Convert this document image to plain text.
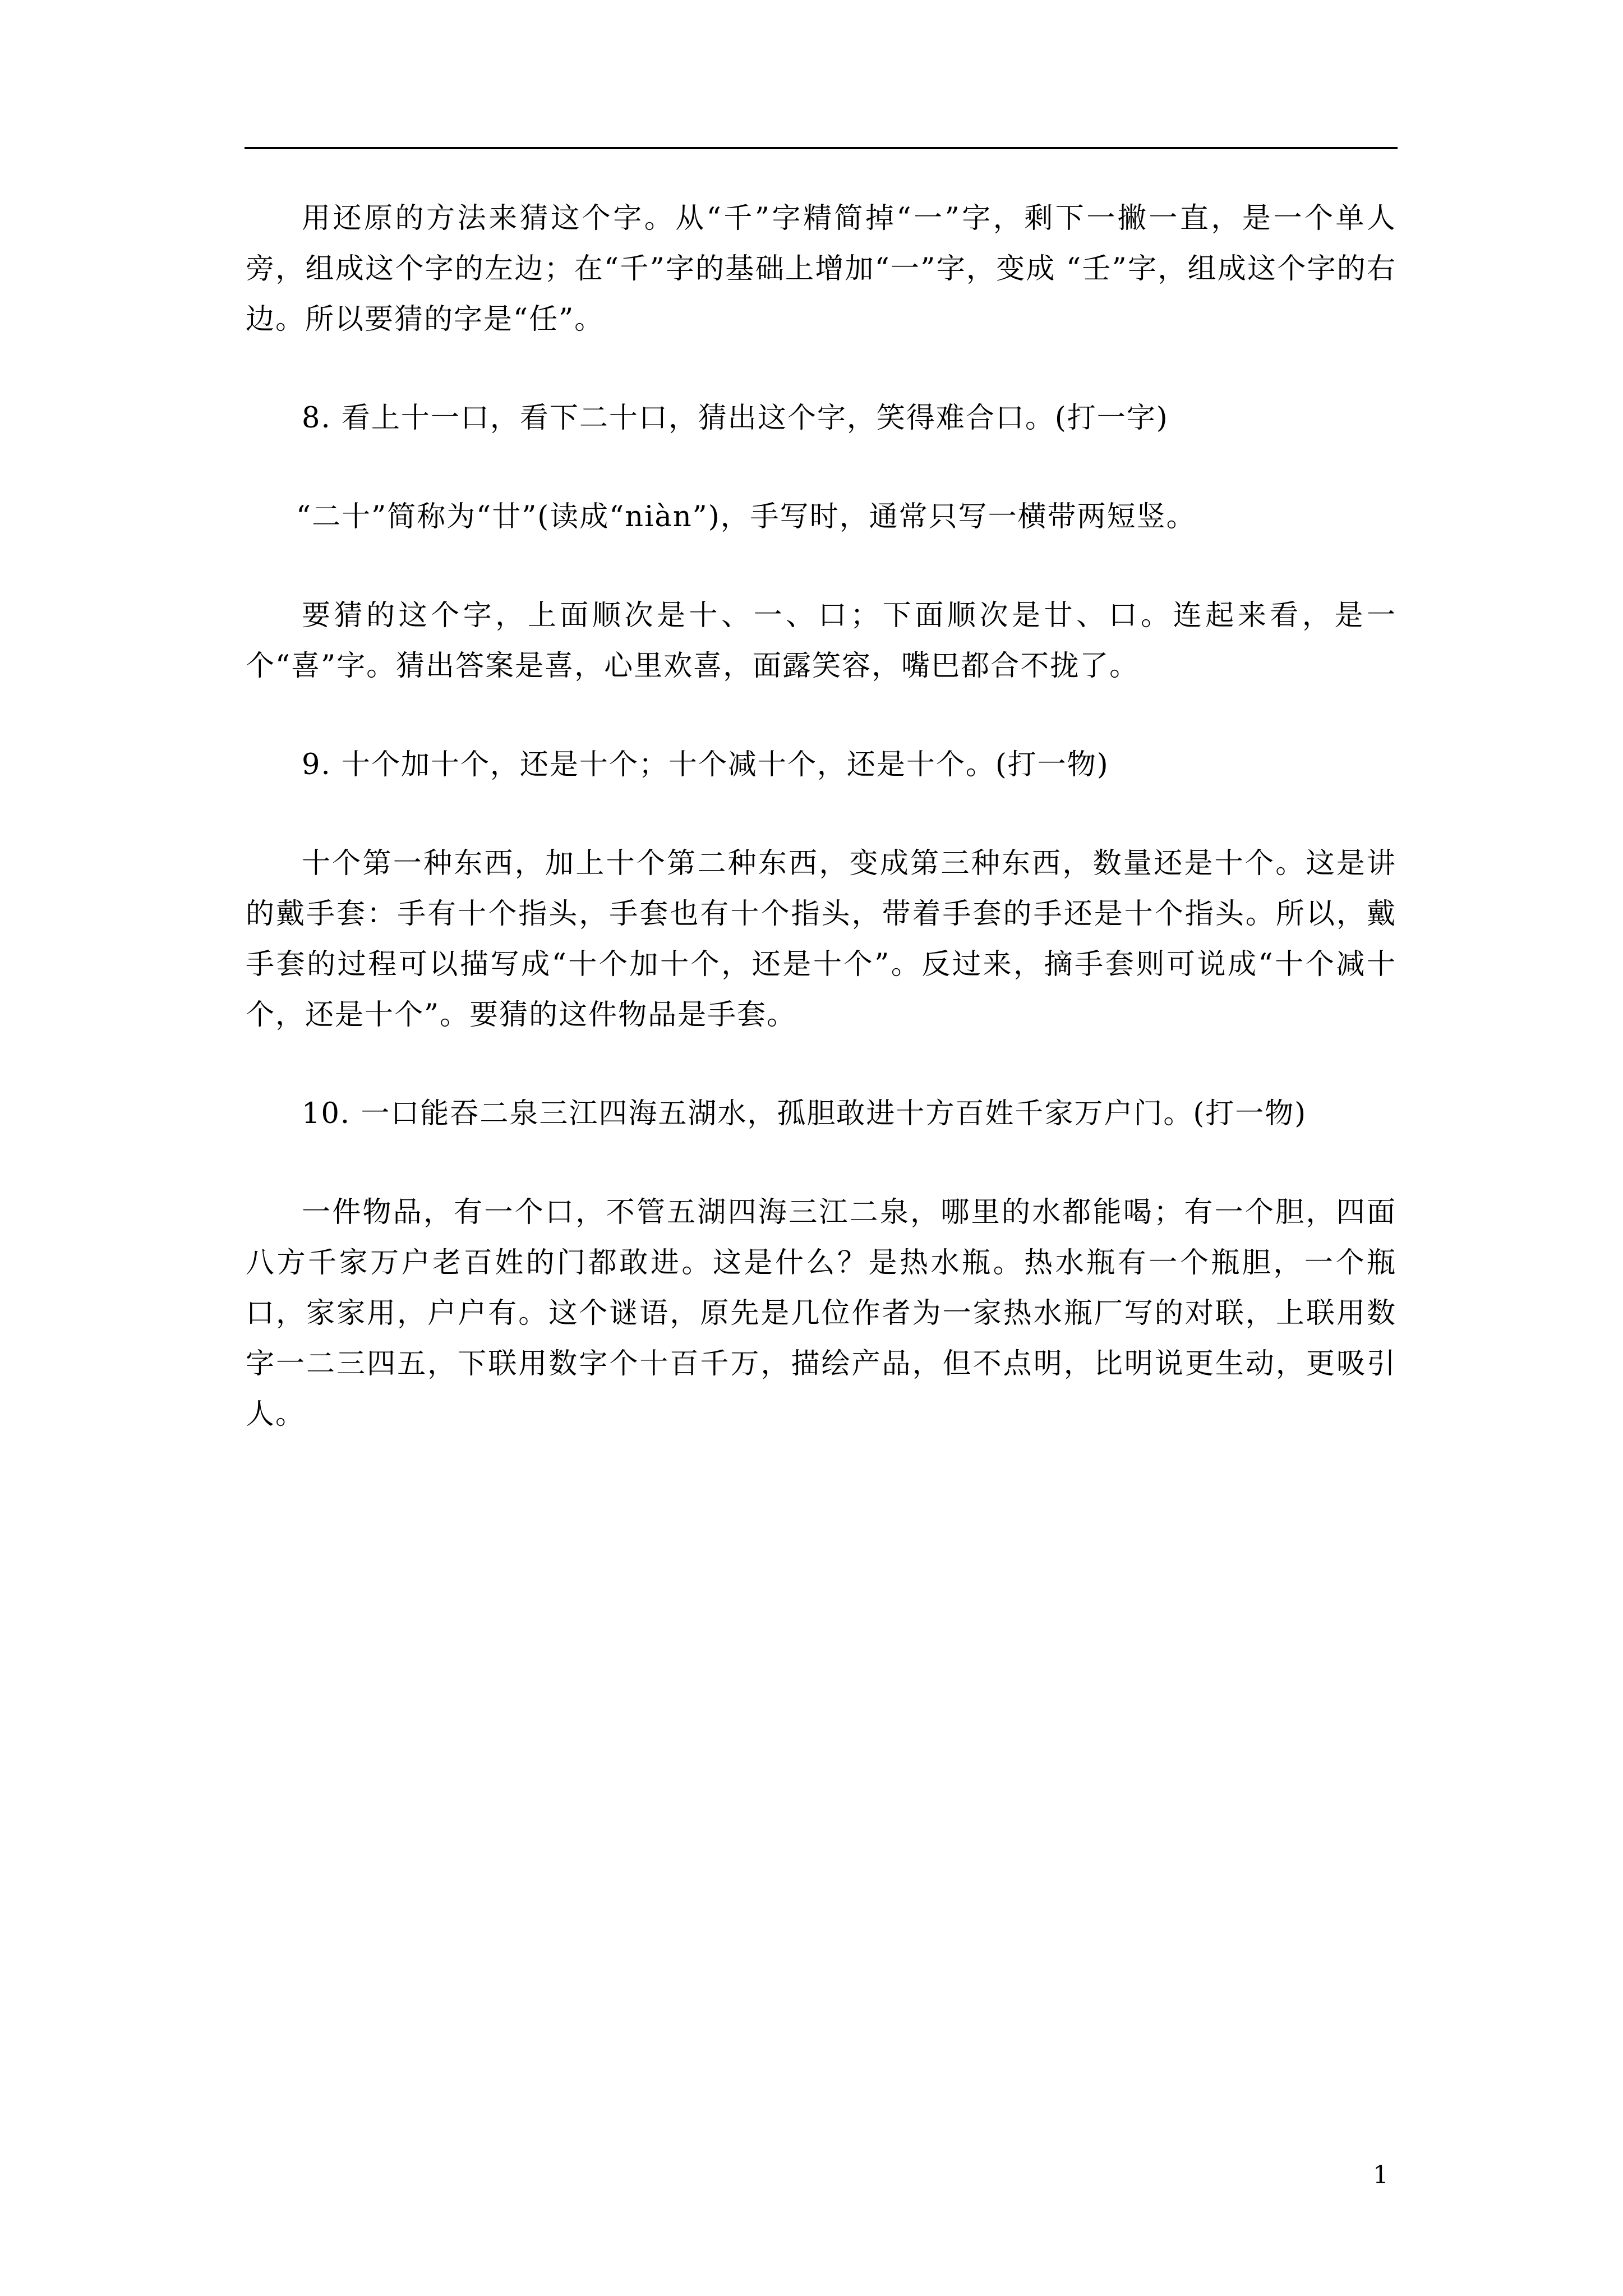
用还原的方法来猜这个字。从“千”字精简掉“一”字，剩下一撇一直，是一个单人旁，组成这个字的左边；在“千”字的基础上增加“一”字，变成 “壬”字，组成这个字的右边。所以要猜的字是“任”。

8. 看上十一口，看下二十口，猜出这个字，笑得难合口。(打一字)

“二十”简称为“廿”(读成“niàn”)，手写时，通常只写一横带两短竖。

要猜的这个字，上面顺次是十、一、口；下面顺次是廿、口。连起来看，是一个“喜”字。猜出答案是喜，心里欢喜，面露笑容，嘴巴都合不拢了。

9. 十个加十个，还是十个；十个减十个，还是十个。(打一物)

十个第一种东西，加上十个第二种东西，变成第三种东西，数量还是十个。这是讲的戴手套：手有十个指头，手套也有十个指头，带着手套的手还是十个指头。所以，戴手套的过程可以描写成“十个加十个，还是十个”。反过来，摘手套则可说成“十个减十个，还是十个”。要猜的这件物品是手套。

10. 一口能吞二泉三江四海五湖水，孤胆敢进十方百姓千家万户门。(打一物)

一件物品，有一个口，不管五湖四海三江二泉，哪里的水都能喝；有一个胆，四面八方千家万户老百姓的门都敢进。这是什么？是热水瓶。热水瓶有一个瓶胆，一个瓶口，家家用，户户有。这个谜语，原先是几位作者为一家热水瓶厂写的对联，上联用数字一二三四五，下联用数字个十百千万，描绘产品，但不点明，比明说更生动，更吸引人。

1
